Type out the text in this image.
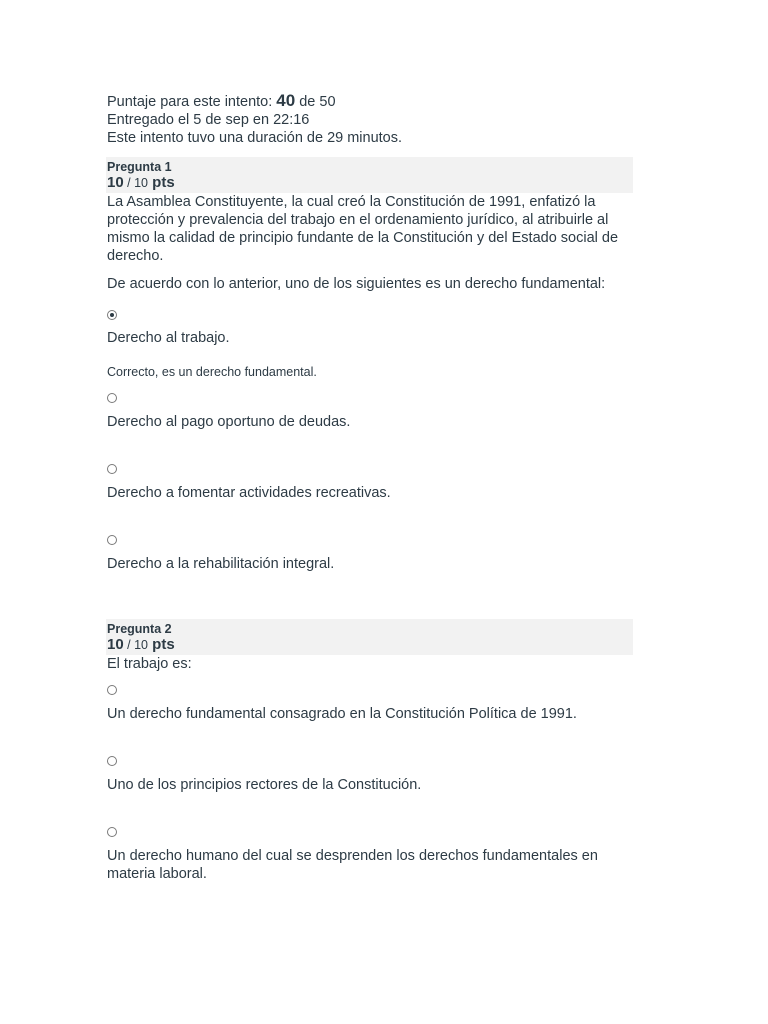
Puntaje para este intento: 40 de 50
Entregado el 5 de sep en 22:16
Este intento tuvo una duración de 29 minutos.
Pregunta 1
10 / 10 pts
La Asamblea Constituyente, la cual creó la Constitución de 1991, enfatizó la protección y prevalencia del trabajo en el ordenamiento jurídico, al atribuirle al mismo la calidad de principio fundante de la Constitución y del Estado social de derecho.
De acuerdo con lo anterior, uno de los siguientes es un derecho fundamental:
Derecho al trabajo.
Correcto, es un derecho fundamental.
Derecho al pago oportuno de deudas.
Derecho a fomentar actividades recreativas.
Derecho a la rehabilitación integral.
Pregunta 2
10 / 10 pts
El trabajo es:
Un derecho fundamental consagrado en la Constitución Política de 1991.
Uno de los principios rectores de la Constitución.
Un derecho humano del cual se desprenden los derechos fundamentales en materia laboral.
